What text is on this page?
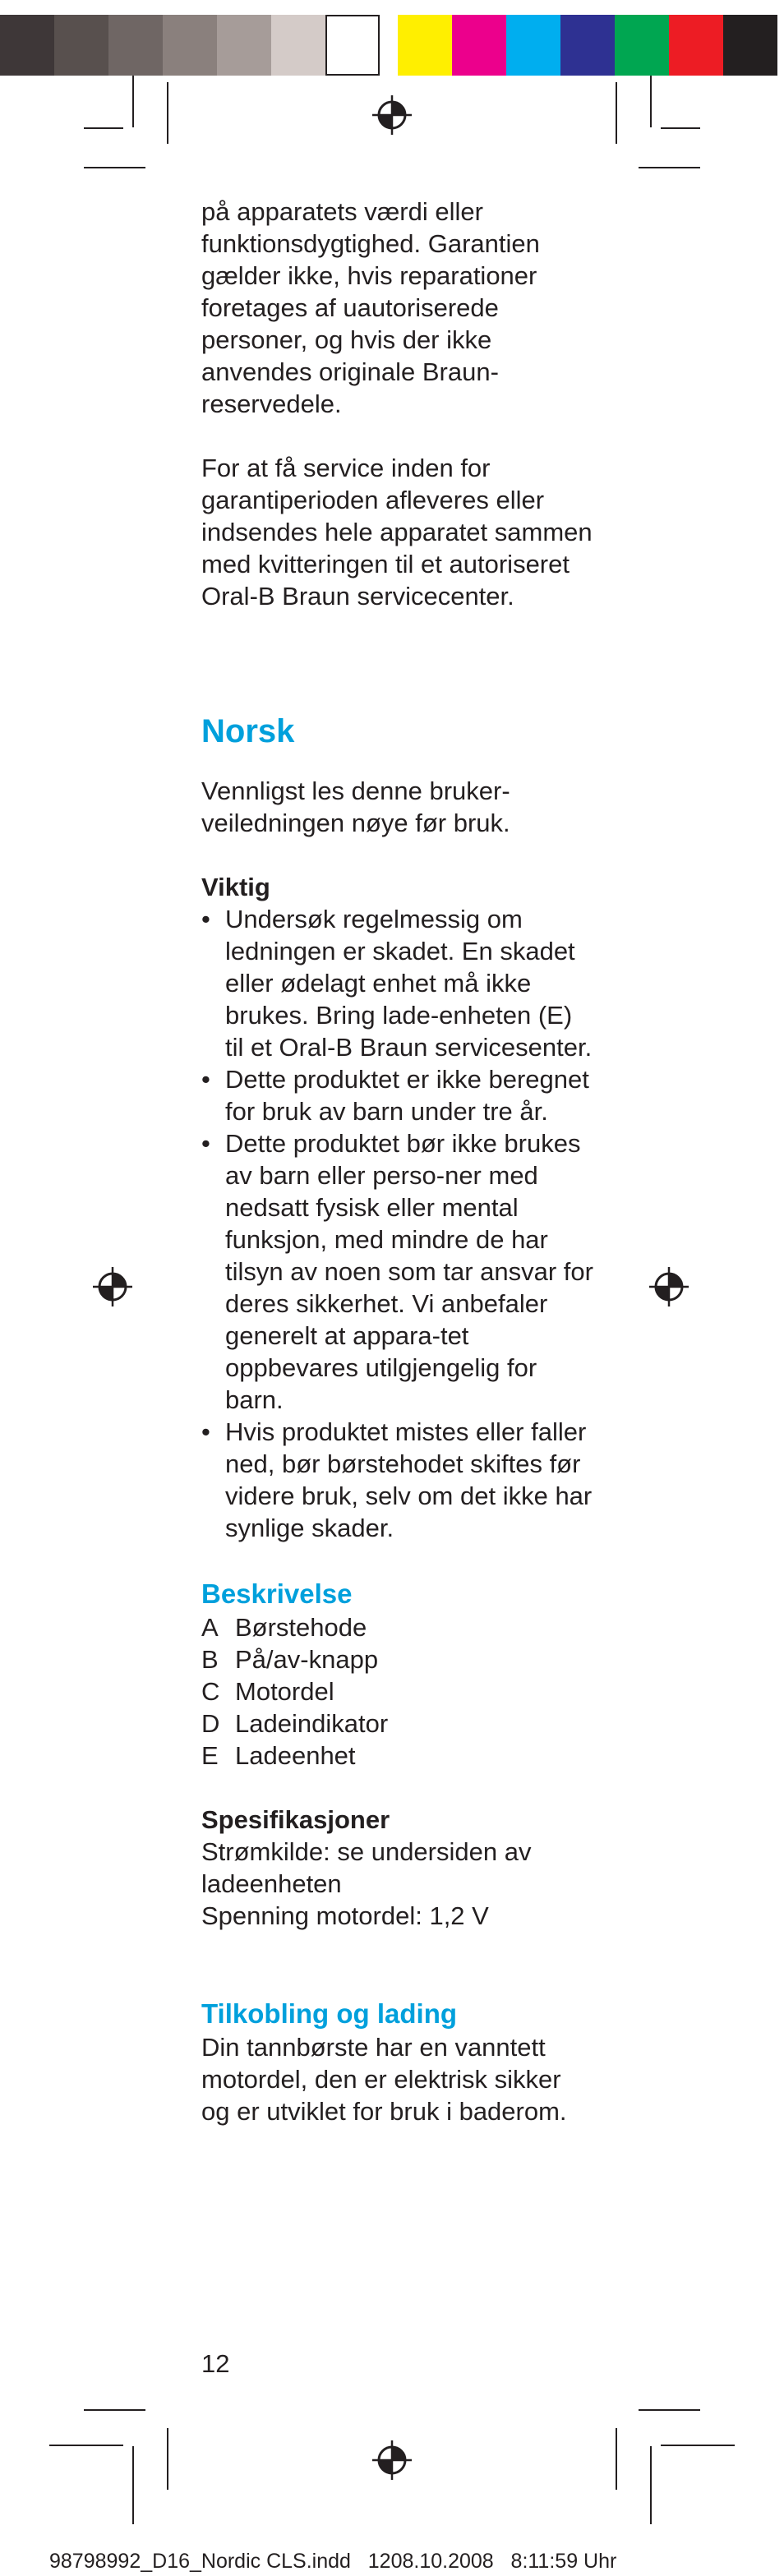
på apparatets værdi eller funktionsdygtighed. Garantien gælder ikke, hvis reparationer foretages af uautoriserede personer, og hvis der ikke anvendes originale Braun-reservedele.

For at få service inden for garantiperioden afleveres eller indsendes hele apparatet sammen med kvitteringen til et autoriseret Oral-B Braun servicecenter.

Norsk

Vennligst les denne bruker-veiledningen nøye før bruk.

Viktig

• Undersøk regelmessig om ledningen er skadet. En skadet eller ødelagt enhet må ikke brukes. Bring lade-enheten (E) til et Oral-B Braun servicesenter.
• Dette produktet er ikke beregnet for bruk av barn under tre år.
• Dette produktet bør ikke brukes av barn eller perso-ner med nedsatt fysisk eller mental funksjon, med mindre de har tilsyn av noen som tar ansvar for deres sikkerhet. Vi anbefaler generelt at appara-tet oppbevares utilgjengelig for barn.
• Hvis produktet mistes eller faller ned, bør børstehodet skiftes før videre bruk, selv om det ikke har synlige skader.
Beskrivelse
A Børstehode
B På/av-knapp
C Motordel
D Ladeindikator
E Ladeenhet

Spesifikasjoner

Strømkilde: se undersiden av ladeenheten

Spenning motordel: 1,2 V

Tilkobling og lading

Din tannbørste har en vanntett motordel, den er elektrisk sikker og er utviklet for bruk i baderom.

12
98798992_D16_Nordic CLS.indd   1208.10.2008   8:11:59 Uhr
